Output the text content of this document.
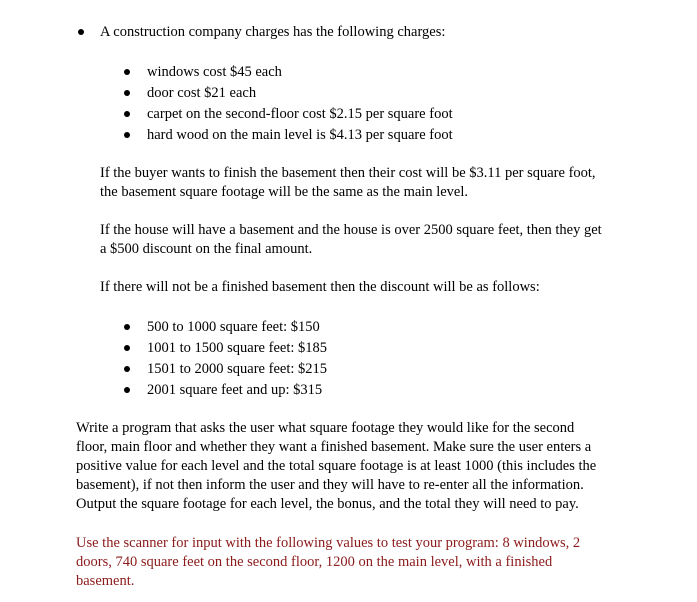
A construction company charges has the following charges:
windows cost $45 each
door cost $21 each
carpet on the second-floor cost $2.15 per square foot
hard wood on the main level is $4.13 per square foot
If the buyer wants to finish the basement then their cost will be $3.11 per square foot,
the basement square footage will be the same as the main level.
If the house will have a basement and the house is over 2500 square feet, then they get
a $500 discount on the final amount.
If there will not be a finished basement then the discount will be as follows:
500 to 1000 square feet: $150
1001 to 1500 square feet: $185
1501 to 2000 square feet: $215
2001 square feet and up: $315
Write a program that asks the user what square footage they would like for the second
floor, main floor and whether they want a finished basement. Make sure the user enters a
positive value for each level and the total square footage is at least 1000 (this includes the
basement), if not then inform the user and they will have to re-enter all the information.
Output the square footage for each level, the bonus, and the total they will need to pay.
Use the scanner for input with the following values to test your program: 8 windows, 2
doors, 740 square feet on the second floor, 1200 on the main level, with a finished
basement.
